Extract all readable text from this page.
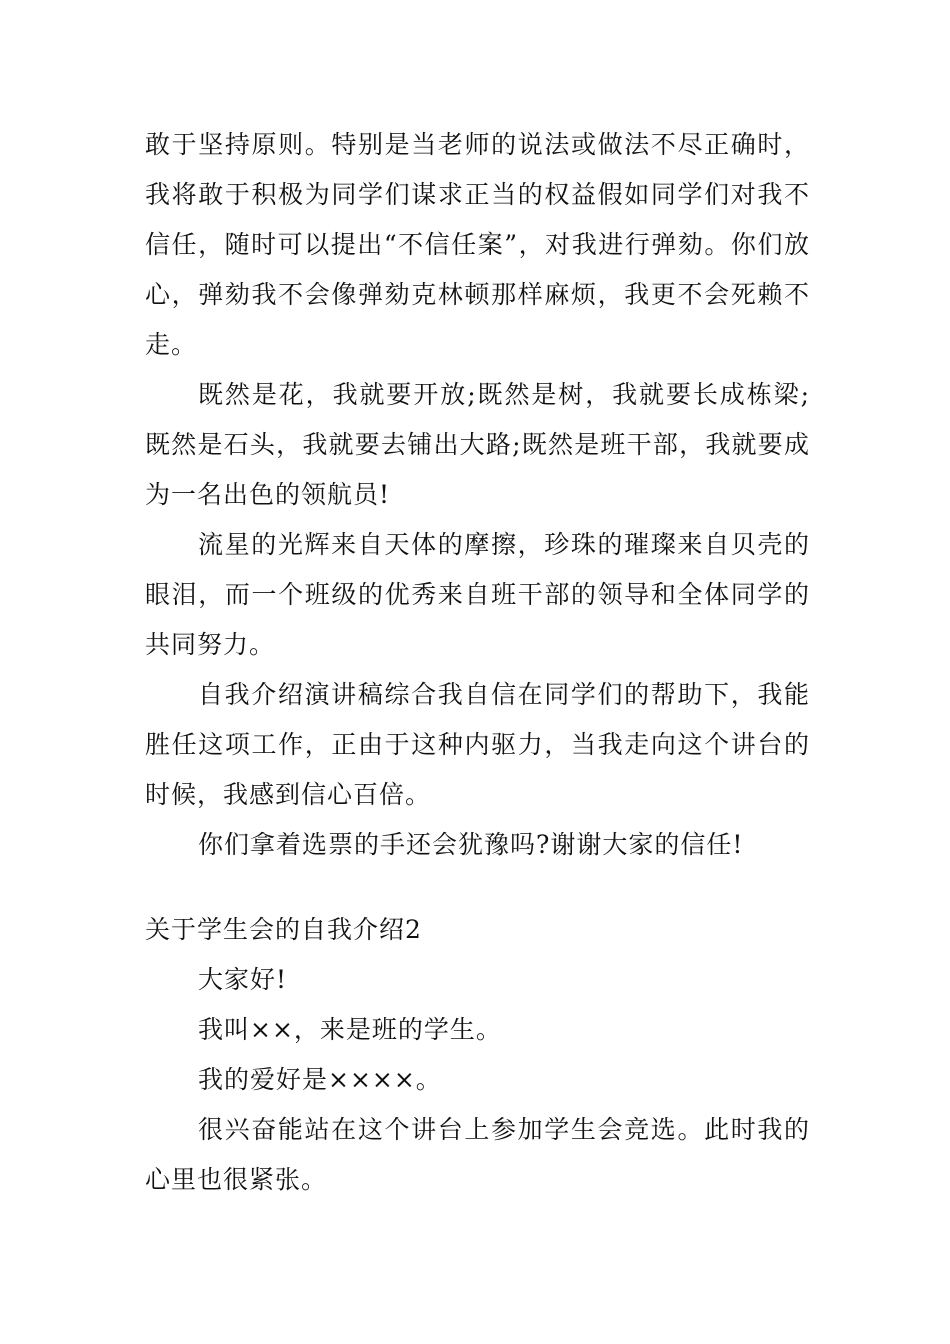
敢于坚持原则。特别是当老师的说法或做法不尽正确时，我将敢于积极为同学们谋求正当的权益假如同学们对我不信任，随时可以提出“不信任案”，对我进行弹劾。你们放心，弹劾我不会像弹劾克林顿那样麻烦，我更不会死赖不走。

既然是花，我就要开放;既然是树，我就要长成栋梁;既然是石头，我就要去铺出大路;既然是班干部，我就要成为一名出色的领航员!

流星的光辉来自天体的摩擦，珍珠的璀璨来自贝壳的眼泪，而一个班级的优秀来自班干部的领导和全体同学的共同努力。

自我介绍演讲稿综合我自信在同学们的帮助下，我能胜任这项工作，正由于这种内驱力，当我走向这个讲台的时候，我感到信心百倍。

你们拿着选票的手还会犹豫吗?谢谢大家的信任!

关于学生会的自我介绍2

大家好!

我叫××，来是班的学生。

我的爱好是××××。

很兴奋能站在这个讲台上参加学生会竞选。此时我的心里也很紧张。
